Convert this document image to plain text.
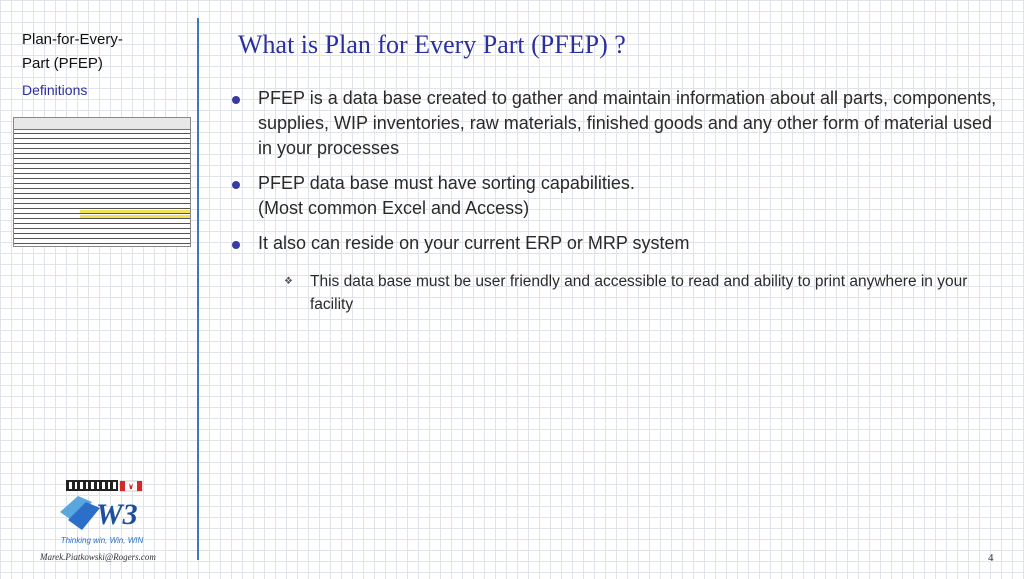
Plan-for-Every-
Part (PFEP)
Definitions
W3
Thinking win, Win, WIN
Marek.Piatkowski@Rogers.com
What is Plan for Every Part (PFEP) ?
PFEP is a data base created to gather and maintain information about all parts, components, supplies, WIP inventories, raw materials, finished goods and any other form of material used in your processes
PFEP data base must have sorting capabilities.
(Most common Excel and Access)
It also can reside on your current ERP or MRP system
❖ This data base must be user friendly and accessible to read and ability to print anywhere in your facility
4
